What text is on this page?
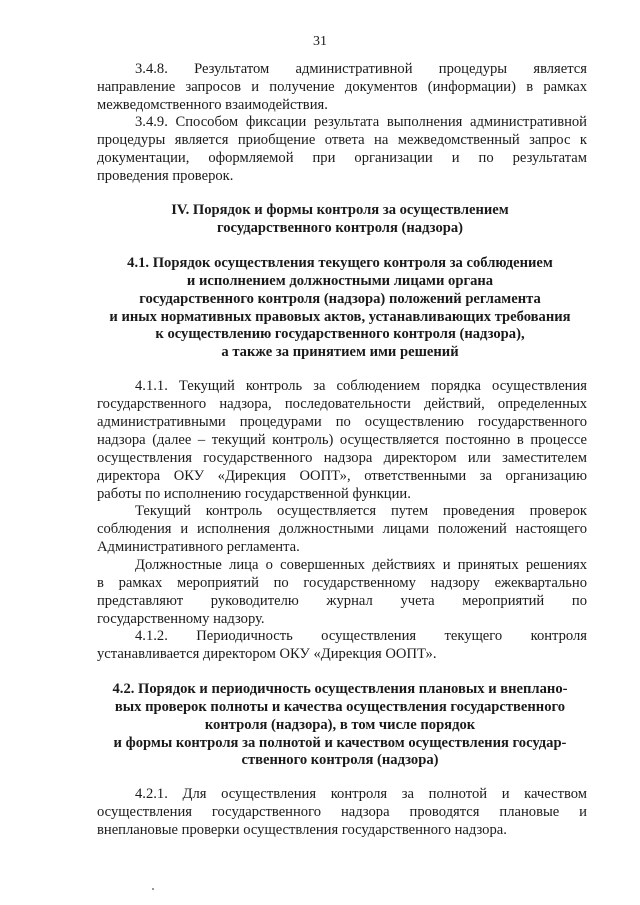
31
3.4.8. Результатом административной процедуры является
направление запросов и получение документов (информации) в рамках
межведомственного взаимодействия.
3.4.9. Способом фиксации результата выполнения административной
процедуры является приобщение ответа на межведомственный запрос к
документации, оформляемой при организации и по результатам
проведения проверок.
IV. Порядок и формы контроля за осуществлением
государственного контроля (надзора)
4.1. Порядок осуществления текущего контроля за соблюдением
и исполнением должностными лицами органа
государственного контроля (надзора) положений регламента
и иных нормативных правовых актов, устанавливающих требования
к осуществлению государственного контроля (надзора),
а также за принятием ими решений
4.1.1. Текущий контроль за соблюдением порядка осуществления
государственного надзора, последовательности действий, определенных
административными процедурами по осуществлению государственного
надзора (далее – текущий контроль) осуществляется постоянно в процессе
осуществления государственного надзора директором или заместителем
директора ОКУ «Дирекция ООПТ», ответственными за организацию
работы по исполнению государственной функции.
Текущий контроль осуществляется путем проведения проверок
соблюдения и исполнения должностными лицами положений настоящего
Административного регламента.
Должностные лица о совершенных действиях и принятых решениях
в рамках мероприятий по государственному надзору ежеквартально
представляют руководителю журнал учета мероприятий по
государственному надзору.
4.1.2. Периодичность осуществления текущего контроля
устанавливается директором ОКУ «Дирекция ООПТ».
4.2. Порядок и периодичность осуществления плановых и внеплано-
вых проверок полноты и качества осуществления государственного
контроля (надзора), в том числе порядок
и формы контроля за полнотой и качеством осуществления государ-
ственного контроля (надзора)
4.2.1. Для осуществления контроля за полнотой и качеством
осуществления государственного надзора проводятся плановые и
внеплановые проверки осуществления государственного надзора.
